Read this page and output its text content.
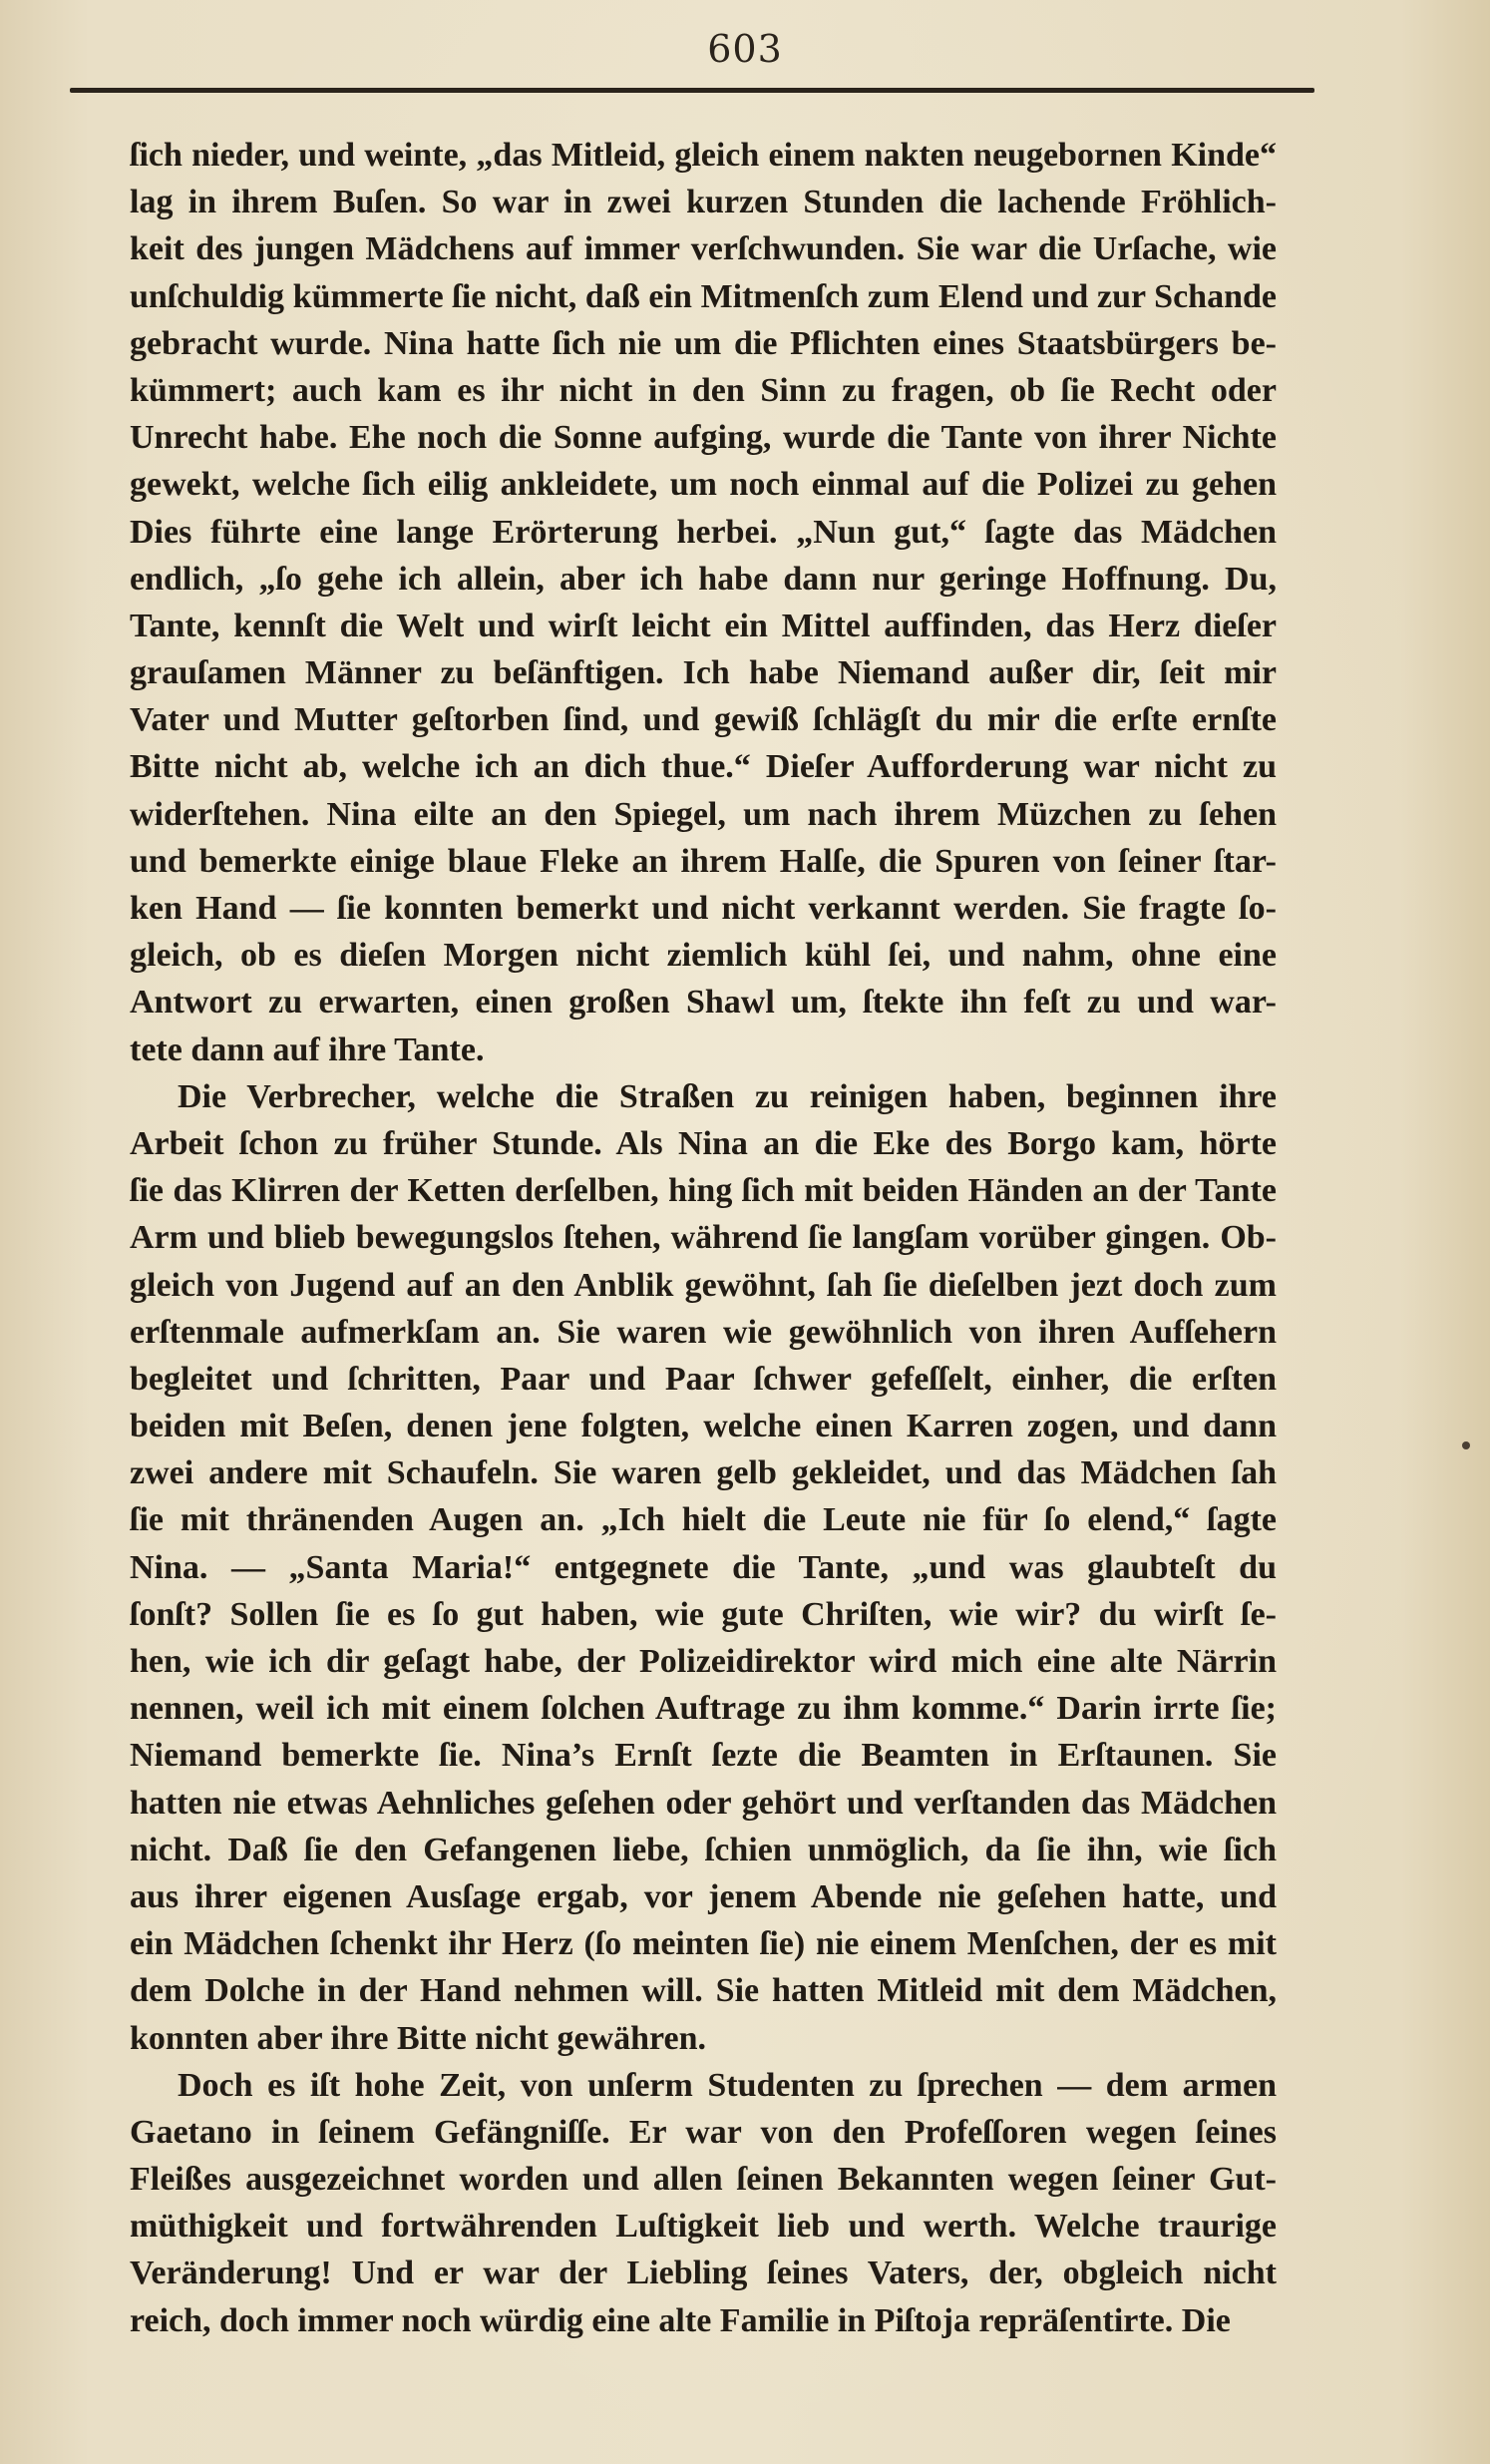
603
ſich nieder, und weinte, „das Mitleid, gleich einem nakten neugebornen Kinde“
lag in ihrem Buſen. So war in zwei kurzen Stunden die lachende Fröhlich-
keit des jungen Mädchens auf immer verſchwunden. Sie war die Urſache, wie
unſchuldig kümmerte ſie nicht, daß ein Mitmenſch zum Elend und zur Schande
gebracht wurde. Nina hatte ſich nie um die Pflichten eines Staatsbürgers be-
kümmert; auch kam es ihr nicht in den Sinn zu fragen, ob ſie Recht oder
Unrecht habe. Ehe noch die Sonne aufging, wurde die Tante von ihrer Nichte
gewekt, welche ſich eilig ankleidete, um noch einmal auf die Polizei zu gehen
Dies führte eine lange Erörterung herbei. „Nun gut,“ ſagte das Mädchen
endlich, „ſo gehe ich allein, aber ich habe dann nur geringe Hoffnung. Du,
Tante, kennſt die Welt und wirſt leicht ein Mittel auffinden, das Herz dieſer
grauſamen Männer zu beſänftigen. Ich habe Niemand außer dir, ſeit mir
Vater und Mutter geſtorben ſind, und gewiß ſchlägſt du mir die erſte ernſte
Bitte nicht ab, welche ich an dich thue.“ Dieſer Aufforderung war nicht zu
widerſtehen. Nina eilte an den Spiegel, um nach ihrem Müzchen zu ſehen
und bemerkte einige blaue Fleke an ihrem Halſe, die Spuren von ſeiner ſtar-
ken Hand — ſie konnten bemerkt und nicht verkannt werden. Sie fragte ſo-
gleich, ob es dieſen Morgen nicht ziemlich kühl ſei, und nahm, ohne eine
Antwort zu erwarten, einen großen Shawl um, ſtekte ihn feſt zu und war-
tete dann auf ihre Tante.
Die Verbrecher, welche die Straßen zu reinigen haben, beginnen ihre
Arbeit ſchon zu früher Stunde. Als Nina an die Eke des Borgo kam, hörte
ſie das Klirren der Ketten derſelben, hing ſich mit beiden Händen an der Tante
Arm und blieb bewegungslos ſtehen, während ſie langſam vorüber gingen. Ob-
gleich von Jugend auf an den Anblik gewöhnt, ſah ſie dieſelben jezt doch zum
erſtenmale aufmerkſam an. Sie waren wie gewöhnlich von ihren Aufſehern
begleitet und ſchritten, Paar und Paar ſchwer gefeſſelt, einher, die erſten
beiden mit Beſen, denen jene folgten, welche einen Karren zogen, und dann
zwei andere mit Schaufeln. Sie waren gelb gekleidet, und das Mädchen ſah
ſie mit thränenden Augen an. „Ich hielt die Leute nie für ſo elend,“ ſagte
Nina. — „Santa Maria!“ entgegnete die Tante, „und was glaubteſt du
ſonſt? Sollen ſie es ſo gut haben, wie gute Chriſten, wie wir? du wirſt ſe-
hen, wie ich dir geſagt habe, der Polizeidirektor wird mich eine alte Närrin
nennen, weil ich mit einem ſolchen Auftrage zu ihm komme.“ Darin irrte ſie;
Niemand bemerkte ſie. Nina’s Ernſt ſezte die Beamten in Erſtaunen. Sie
hatten nie etwas Aehnliches geſehen oder gehört und verſtanden das Mädchen
nicht. Daß ſie den Gefangenen liebe, ſchien unmöglich, da ſie ihn, wie ſich
aus ihrer eigenen Ausſage ergab, vor jenem Abende nie geſehen hatte, und
ein Mädchen ſchenkt ihr Herz (ſo meinten ſie) nie einem Menſchen, der es mit
dem Dolche in der Hand nehmen will. Sie hatten Mitleid mit dem Mädchen,
konnten aber ihre Bitte nicht gewähren.
Doch es iſt hohe Zeit, von unſerm Studenten zu ſprechen — dem armen
Gaetano in ſeinem Gefängniſſe. Er war von den Profeſſoren wegen ſeines
Fleißes ausgezeichnet worden und allen ſeinen Bekannten wegen ſeiner Gut-
müthigkeit und fortwährenden Luſtigkeit lieb und werth. Welche traurige
Veränderung! Und er war der Liebling ſeines Vaters, der, obgleich nicht
reich, doch immer noch würdig eine alte Familie in Piſtoja repräſentirte. Die
